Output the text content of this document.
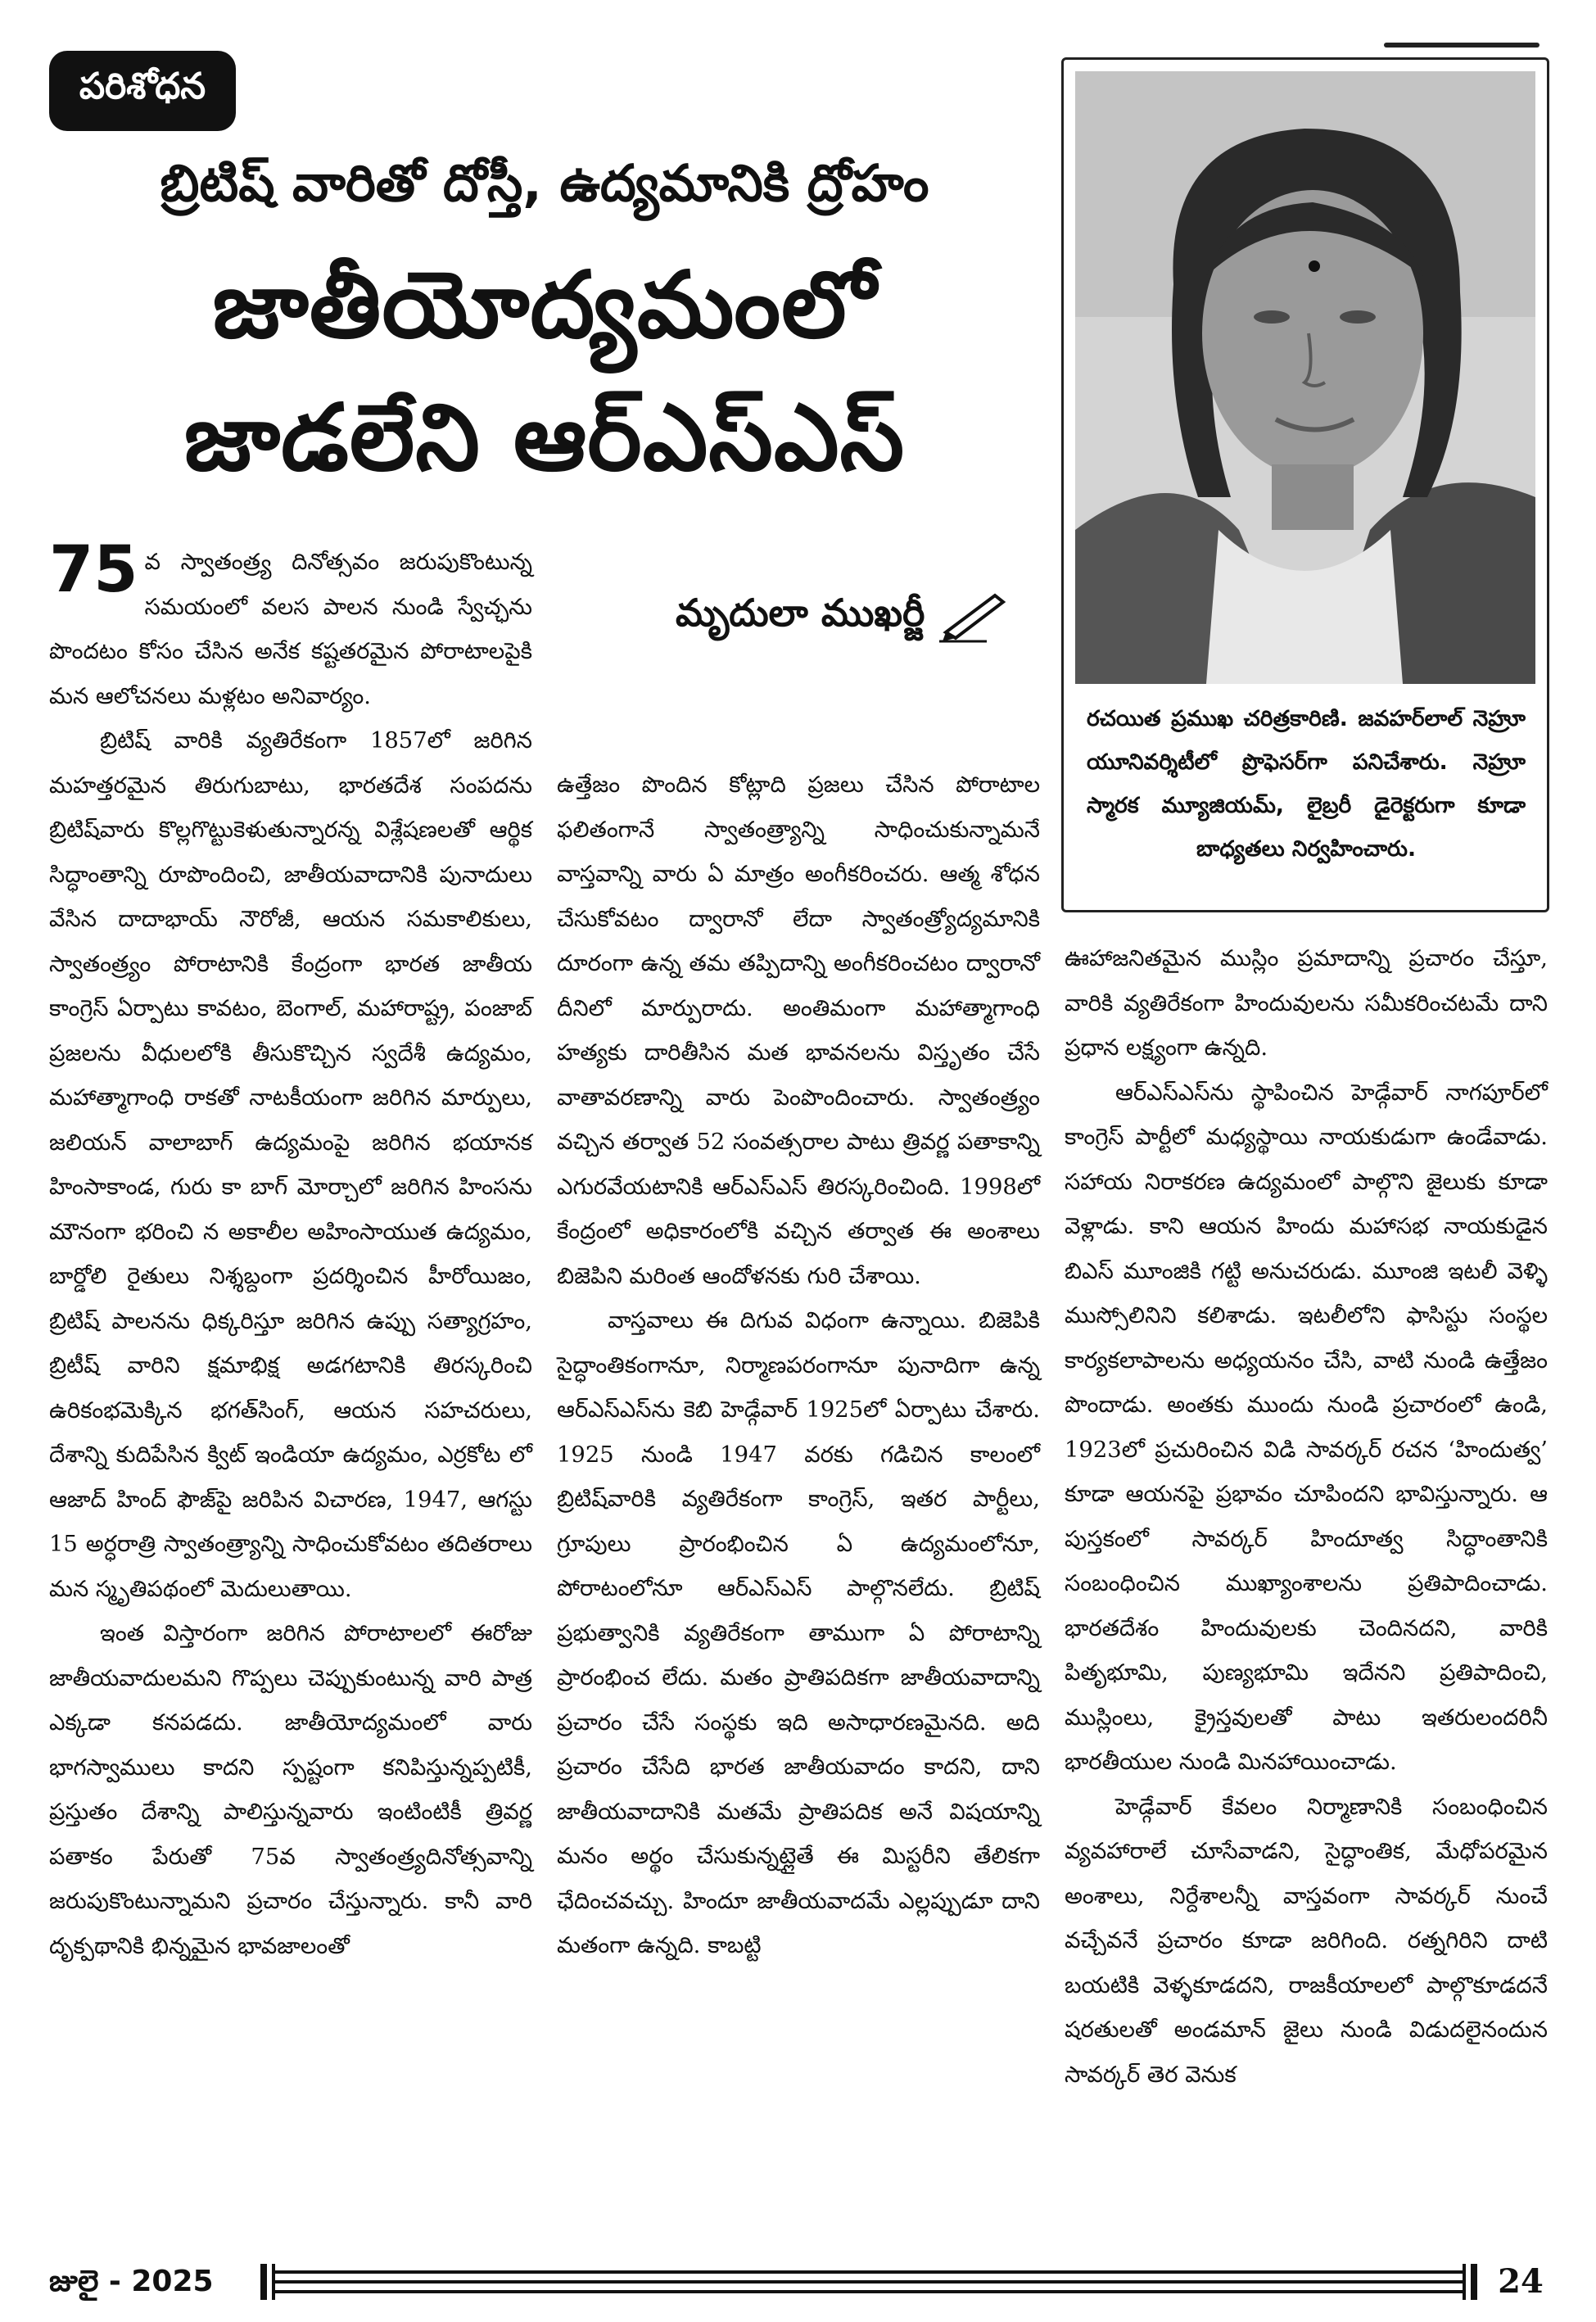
పరిశోధన
బ్రిటిష్ వారితో దోస్తీ, ఉద్యమానికి ద్రోహం
జాతీయోద్యమంలో
జాడలేని ఆర్‌ఎస్‌ఎస్
రచయిత ప్రముఖ చరిత్రకారిణి. జవహర్‌లాల్ నెహ్రూ యూనివర్శిటీలో ప్రొఫెసర్‌గా పనిచేశారు. నెహ్రూ స్మారక మ్యూజియమ్, లైబ్రరీ డైరెక్టరుగా కూడా బాధ్యతలు నిర్వహించారు.
మృదులా ముఖర్జీ

75 వ స్వాతంత్ర్య దినోత్సవం జరుపుకొంటున్న సమయంలో వలస పాలన నుండి స్వేచ్ఛను పొందటం కోసం చేసిన అనేక కష్టతరమైన పోరాటాలపైకి మన ఆలోచనలు మళ్లటం అనివార్యం.

బ్రిటిష్ వారికి వ్యతిరేకంగా 1857లో జరిగిన మహత్తరమైన తిరుగుబాటు, భారతదేశ సంపదను బ్రిటిష్‌వారు కొల్లగొట్టుకెళుతున్నారన్న విశ్లేషణలతో ఆర్థిక సిద్ధాంతాన్ని రూపొందించి, జాతీయవాదానికి పునాదులు వేసిన దాదాభాయ్ నౌరోజీ, ఆయన సమకాలికులు, స్వాతంత్ర్యం పోరాటానికి కేంద్రంగా భారత జాతీయ కాంగ్రెస్ ఏర్పాటు కావటం, బెంగాల్, మహారాష్ట్ర, పంజాబ్ ప్రజలను వీధులలోకి తీసుకొచ్చిన స్వదేశీ ఉద్యమం, మహాత్మాగాంధి రాకతో నాటకీయంగా జరిగిన మార్పులు, జలియన్ వాలాబాగ్ ఉద్యమంపై జరిగిన భయానక హింసాకాండ, గురు కా బాగ్ మోర్చాలో జరిగిన హింసను మౌనంగా భరించి న అకాలీల అహింసాయుత ఉద్యమం, బార్డోలి రైతులు నిశ్శబ్దంగా ప్రదర్శించిన హీరోయిజం, బ్రిటిష్ పాలనను ధిక్కరిస్తూ జరిగిన ఉప్పు సత్యాగ్రహం, బ్రిటీష్ వారిని క్షమాభిక్ష అడగటానికి తిరస్కరించి ఉరికంభమెక్కిన భగత్‌సింగ్, ఆయన సహచరులు, దేశాన్ని కుదిపేసిన క్విట్ ఇండియా ఉద్యమం, ఎర్రకోట లో ఆజాద్ హింద్ ఫౌజ్‌పై జరిపిన విచారణ, 1947, ఆగస్టు 15 అర్ధరాత్రి స్వాతంత్ర్యాన్ని సాధించుకోవటం తదితరాలు మన స్మృతిపథంలో మెదులుతాయి.

ఇంత విస్తారంగా జరిగిన పోరాటాలలో ఈరోజు జాతీయవాదులమని గొప్పలు చెప్పుకుంటున్న వారి పాత్ర ఎక్కడా కనపడదు. జాతీయోద్యమంలో వారు భాగస్వాములు కాదని స్పష్టంగా కనిపిస్తున్నప్పటికీ, ప్రస్తుతం దేశాన్ని పాలిస్తున్నవారు ఇంటింటికీ త్రివర్ణ పతాకం పేరుతో 75వ స్వాతంత్ర్యదినోత్సవాన్ని జరుపుకొంటున్నామని ప్రచారం చేస్తున్నారు. కానీ వారి దృక్పథానికి భిన్నమైన భావజాలంతో

ఉత్తేజం పొందిన కోట్లాది ప్రజలు చేసిన పోరాటాల ఫలితంగానే స్వాతంత్ర్యాన్ని సాధించుకున్నామనే వాస్తవాన్ని వారు ఏ మాత్రం అంగీకరించరు. ఆత్మ శోధన చేసుకోవటం ద్వారానో లేదా స్వాతంత్ర్యోద్యమానికి దూరంగా ఉన్న తమ తప్పిదాన్ని అంగీకరించటం ద్వారానో దీనిలో మార్పురాదు. అంతిమంగా మహాత్మాగాంధి హత్యకు దారితీసిన మత భావనలను విస్తృతం చేసే వాతావరణాన్ని వారు పెంపొందించారు. స్వాతంత్ర్యం వచ్చిన తర్వాత 52 సంవత్సరాల పాటు త్రివర్ణ పతాకాన్ని ఎగురవేయటానికి ఆర్‌ఎస్‌ఎస్ తిరస్కరించింది. 1998లో కేంద్రంలో అధికారంలోకి వచ్చిన తర్వాత ఈ అంశాలు బిజెపిని మరింత ఆందోళనకు గురి చేశాయి.

వాస్తవాలు ఈ దిగువ విధంగా ఉన్నాయి. బిజెపికి సైద్ధాంతికంగానూ, నిర్మాణపరంగానూ పునాదిగా ఉన్న ఆర్‌ఎస్‌ఎస్‌ను కెబి హెడ్గేవార్ 1925లో ఏర్పాటు చేశారు. 1925 నుండి 1947 వరకు గడిచిన కాలంలో బ్రిటిష్‌వారికి వ్యతిరేకంగా కాంగ్రెస్, ఇతర పార్టీలు, గ్రూపులు ప్రారంభించిన ఏ ఉద్యమంలోనూ, పోరాటంలోనూ ఆర్‌ఎస్‌ఎస్ పాల్గొనలేదు. బ్రిటిష్ ప్రభుత్వానికి వ్యతిరేకంగా తాముగా ఏ పోరాటాన్ని ప్రారంభించ లేదు. మతం ప్రాతిపదికగా జాతీయవాదాన్ని ప్రచారం చేసే సంస్థకు ఇది అసాధారణమైనది. అది ప్రచారం చేసేది భారత జాతీయవాదం కాదని, దాని జాతీయవాదానికి మతమే ప్రాతిపదిక అనే విషయాన్ని మనం అర్థం చేసుకున్నట్లైతే ఈ మిస్టరీని తేలికగా ఛేదించవచ్చు. హిందూ జాతీయవాదమే ఎల్లప్పుడూ దాని మతంగా ఉన్నది. కాబట్టి

ఊహాజనితమైన ముస్లిం ప్రమాదాన్ని ప్రచారం చేస్తూ, వారికి వ్యతిరేకంగా హిందువులను సమీకరించటమే దాని ప్రధాన లక్ష్యంగా ఉన్నది.

ఆర్‌ఎస్‌ఎస్‌ను స్థాపించిన హెడ్గేవార్ నాగపూర్‌లో కాంగ్రెస్ పార్టీలో మధ్యస్థాయి నాయకుడుగా ఉండేవాడు. సహాయ నిరాకరణ ఉద్యమంలో పాల్గొని జైలుకు కూడా వెళ్లాడు. కాని ఆయన హిందు మహాసభ నాయకుడైన బిఎస్ మూంజికి గట్టి అనుచరుడు. మూంజి ఇటలీ వెళ్ళి ముస్సోలినిని కలిశాడు. ఇటలీలోని ఫాసిస్టు సంస్థల కార్యకలాపాలను అధ్యయనం చేసి, వాటి నుండి ఉత్తేజం పొందాడు. అంతకు ముందు నుండి ప్రచారంలో ఉండి, 1923లో ప్రచురించిన విడి సావర్కర్ రచన ‘హిందుత్వ’ కూడా ఆయనపై ప్రభావం చూపిందని భావిస్తున్నారు. ఆ పుస్తకంలో సావర్కర్ హిందూత్వ సిద్ధాంతానికి సంబంధించిన ముఖ్యాంశాలను ప్రతిపాదించాడు. భారతదేశం హిందువులకు చెందినదని, వారికి పితృభూమి, పుణ్యభూమి ఇదేనని ప్రతిపాదించి, ముస్లింలు, క్రైస్తవులతో పాటు ఇతరులందరినీ భారతీయుల నుండి మినహాయించాడు.

హెడ్గేవార్ కేవలం నిర్మాణానికి సంబంధించిన వ్యవహారాలే చూసేవాడని, సైద్ధాంతిక, మేధోపరమైన అంశాలు, నిర్దేశాలన్నీ వాస్తవంగా సావర్కర్ నుంచే వచ్చేవనే ప్రచారం కూడా జరిగింది. రత్నగిరిని దాటి బయటికి వెళ్ళకూడదని, రాజకీయాలలో పాల్గొకూడదనే షరతులతో అండమాన్ జైలు నుండి విడుదలైనందున సావర్కర్ తెర వెనుక

జులై - 2025	24
